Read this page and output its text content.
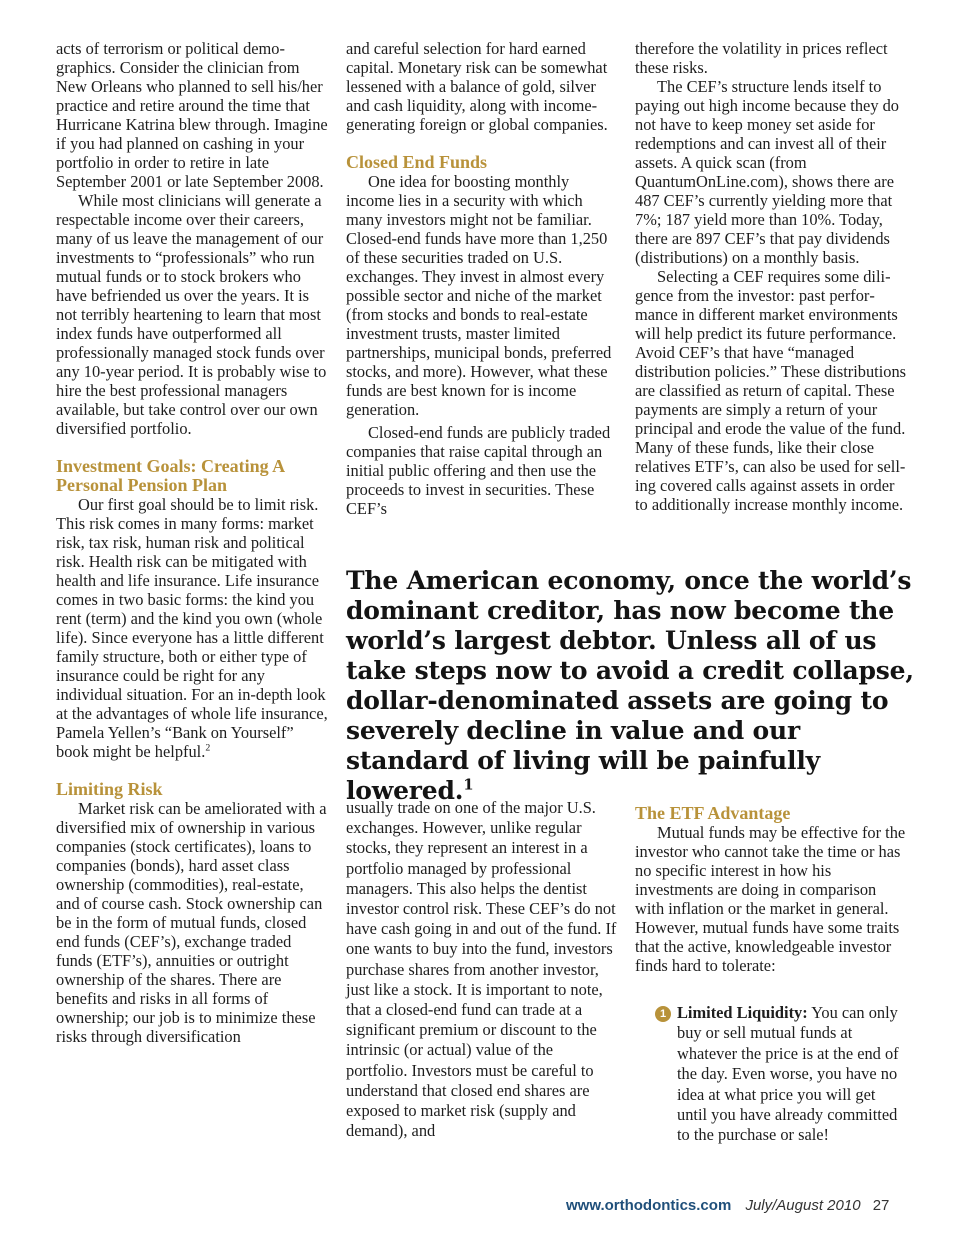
acts of terrorism or political demographics. Consider the clinician from New Orleans who planned to sell his/her practice and retire around the time that Hurricane Katrina blew through. Imagine if you had planned on cashing in your portfolio in order to retire in late September 2001 or late September 2008.

While most clinicians will generate a respectable income over their careers, many of us leave the management of our investments to “professionals” who run mutual funds or to stock brokers who have befriended us over the years. It is not terribly heartening to learn that most index funds have outperformed all professionally managed stock funds over any 10-year period. It is probably wise to hire the best professional managers available, but take control over our own diversified portfolio.

Investment Goals: Creating A Personal Pension Plan

Our first goal should be to limit risk. This risk comes in many forms: market risk, tax risk, human risk and political risk. Health risk can be mitigated with health and life insurance. Life insurance comes in two basic forms: the kind you rent (term) and the kind you own (whole life). Since everyone has a little different family structure, both or either type of insurance could be right for any individual situation. For an in-depth look at the advantages of whole life insurance, Pamela Yellen’s “Bank on Yourself” book might be helpful.$^2$

Limiting Risk

Market risk can be ameliorated with a diversified mix of ownership in various companies (stock certificates), loans to companies (bonds), hard asset class ownership (commodities), real-estate, and of course cash. Stock ownership can be in the form of mutual funds, closed end funds (CEF’s), exchange traded funds (ETF’s), annuities or outright ownership of the shares. There are benefits and risks in all forms of ownership; our job is to minimize these risks through diversification

and careful selection for hard earned capital. Monetary risk can be somewhat lessened with a balance of gold, silver and cash liquidity, along with income-generating foreign or global companies.

Closed End Funds

One idea for boosting monthly income lies in a security with which many investors might not be familiar. Closed-end funds have more than 1,250 of these securities traded on U.S. exchanges. They invest in almost every possible sector and niche of the market (from stocks and bonds to real-estate investment trusts, master limited partnerships, municipal bonds, preferred stocks, and more). However, what these funds are best known for is income generation.

Closed-end funds are publicly traded companies that raise capital through an initial public offering and then use the proceeds to invest in securities. These CEF’s

therefore the volatility in prices reflect these risks.

The CEF’s structure lends itself to paying out high income because they do not have to keep money set aside for redemptions and can invest all of their assets. A quick scan (from QuantumOnLine.com), shows there are 487 CEF’s currently yielding more that 7%; 187 yield more than 10%. Today, there are 897 CEF’s that pay dividends (distributions) on a monthly basis.

Selecting a CEF requires some diligence from the investor: past performance in different market environments will help predict its future performance. Avoid CEF’s that have “managed distribution policies.” These distributions are classified as return of capital. These payments are simply a return of your principal and erode the value of the fund. Many of these funds, like their close relatives ETF’s, can also be used for selling covered calls against assets in order to additionally increase monthly income.

The American economy, once the world’s dominant creditor, has now become the world’s largest debtor. Unless all of us take steps now to avoid a credit collapse, dollar-denominated assets are going to severely decline in value and our standard of living will be painfully lowered.$^1$

usually trade on one of the major U.S. exchanges. However, unlike regular stocks, they represent an interest in a portfolio managed by professional managers. This also helps the dentist investor control risk. These CEF’s do not have cash going in and out of the fund. If one wants to buy into the fund, investors purchase shares from another investor, just like a stock. It is important to note, that a closed-end fund can trade at a significant premium or discount to the intrinsic (or actual) value of the portfolio. Investors must be careful to understand that closed end shares are exposed to market risk (supply and demand), and

The ETF Advantage

Mutual funds may be effective for the investor who cannot take the time or has no specific interest in how his investments are doing in comparison with inflation or the market in general. However, mutual funds have some traits that the active, knowledgeable investor finds hard to tolerate:

1 Limited Liquidity: You can only buy or sell mutual funds at whatever the price is at the end of the day. Even worse, you have no idea at what price you will get until you have already committed to the purchase or sale!
www.orthodontics.com July/August 2010 27
